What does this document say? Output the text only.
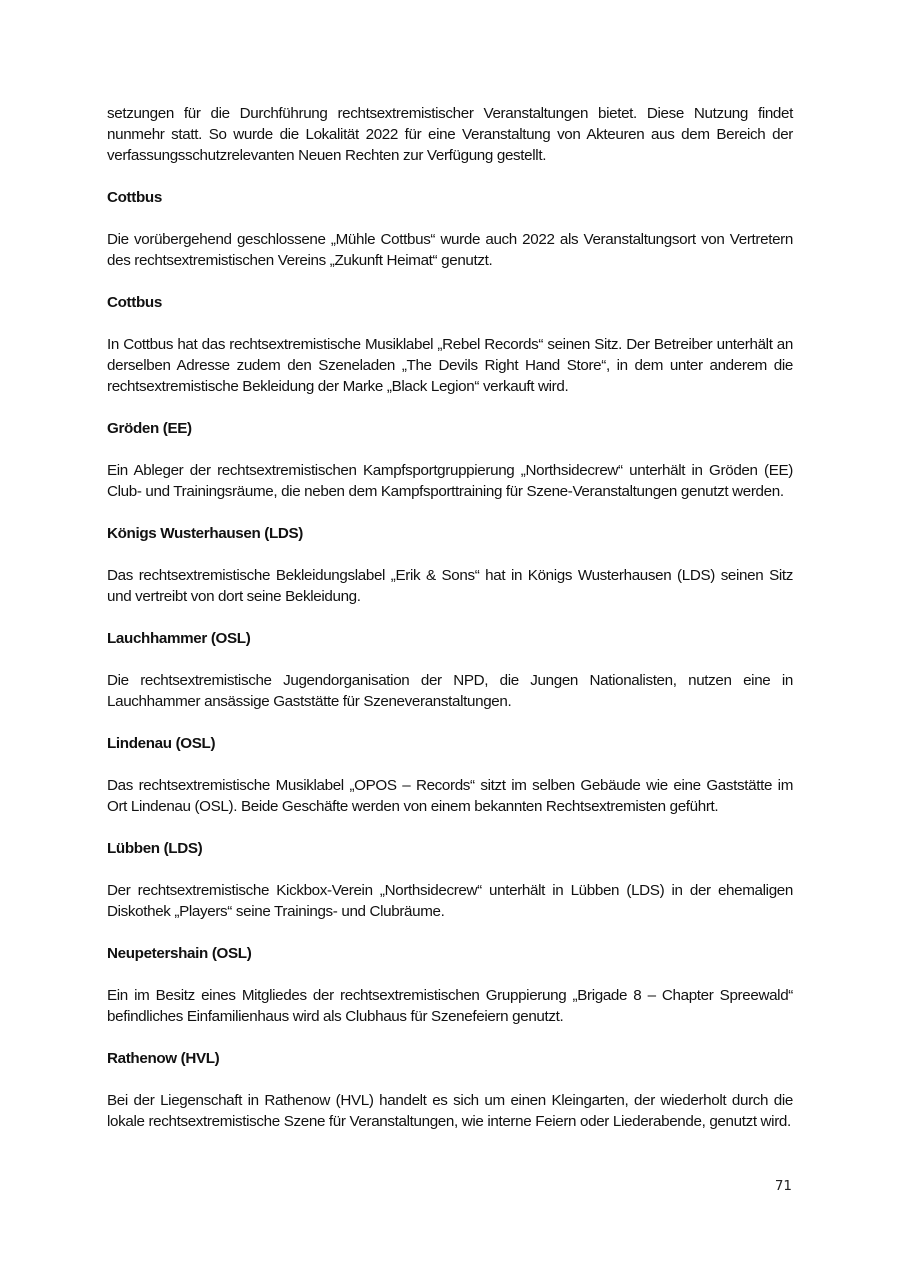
setzungen für die Durchführung rechtsextremistischer Veranstaltungen bietet. Diese Nutzung findet nunmehr statt. So wurde die Lokalität 2022 für eine Veranstaltung von Akteuren aus dem Bereich der verfassungsschutzrelevanten Neuen Rechten zur Verfügung gestellt.

Cottbus

Die vorübergehend geschlossene „Mühle Cottbus“ wurde auch 2022 als Veranstaltungsort von Vertretern des rechtsextremistischen Vereins „Zukunft Heimat“ genutzt.

Cottbus

In Cottbus hat das rechtsextremistische Musiklabel „Rebel Records“ seinen Sitz. Der Betreiber unterhält an derselben Adresse zudem den Szeneladen „The Devils Right Hand Store“, in dem unter anderem die rechtsextremistische Bekleidung der Marke „Black Legion“ verkauft wird.

Gröden (EE)

Ein Ableger der rechtsextremistischen Kampfsportgruppierung „Northsidecrew“ unterhält in Gröden (EE) Club- und Trainingsräume, die neben dem Kampfsporttraining für Szene-Veranstaltungen genutzt werden.

Königs Wusterhausen (LDS)

Das rechtsextremistische Bekleidungslabel „Erik & Sons“ hat in Königs Wusterhausen (LDS) seinen Sitz und vertreibt von dort seine Bekleidung.

Lauchhammer (OSL)

Die rechtsextremistische Jugendorganisation der NPD, die Jungen Nationalisten, nutzen eine in Lauchhammer ansässige Gaststätte für Szeneveranstaltungen.

Lindenau (OSL)

Das rechtsextremistische Musiklabel „OPOS – Records“ sitzt im selben Gebäude wie eine Gaststätte im Ort Lindenau (OSL). Beide Geschäfte werden von einem bekannten Rechtsextremisten geführt.

Lübben (LDS)

Der rechtsextremistische Kickbox-Verein „Northsidecrew“ unterhält in Lübben (LDS) in der ehemaligen Diskothek „Players“ seine Trainings- und Clubräume.

Neupetershain (OSL)

Ein im Besitz eines Mitgliedes der rechtsextremistischen Gruppierung „Brigade 8 – Chapter Spreewald“ befindliches Einfamilienhaus wird als Clubhaus für Szenefeiern genutzt.

Rathenow (HVL)

Bei der Liegenschaft in Rathenow (HVL) handelt es sich um einen Kleingarten, der wiederholt durch die lokale rechtsextremistische Szene für Veranstaltungen, wie interne Feiern oder Liederabende, genutzt wird.

71
